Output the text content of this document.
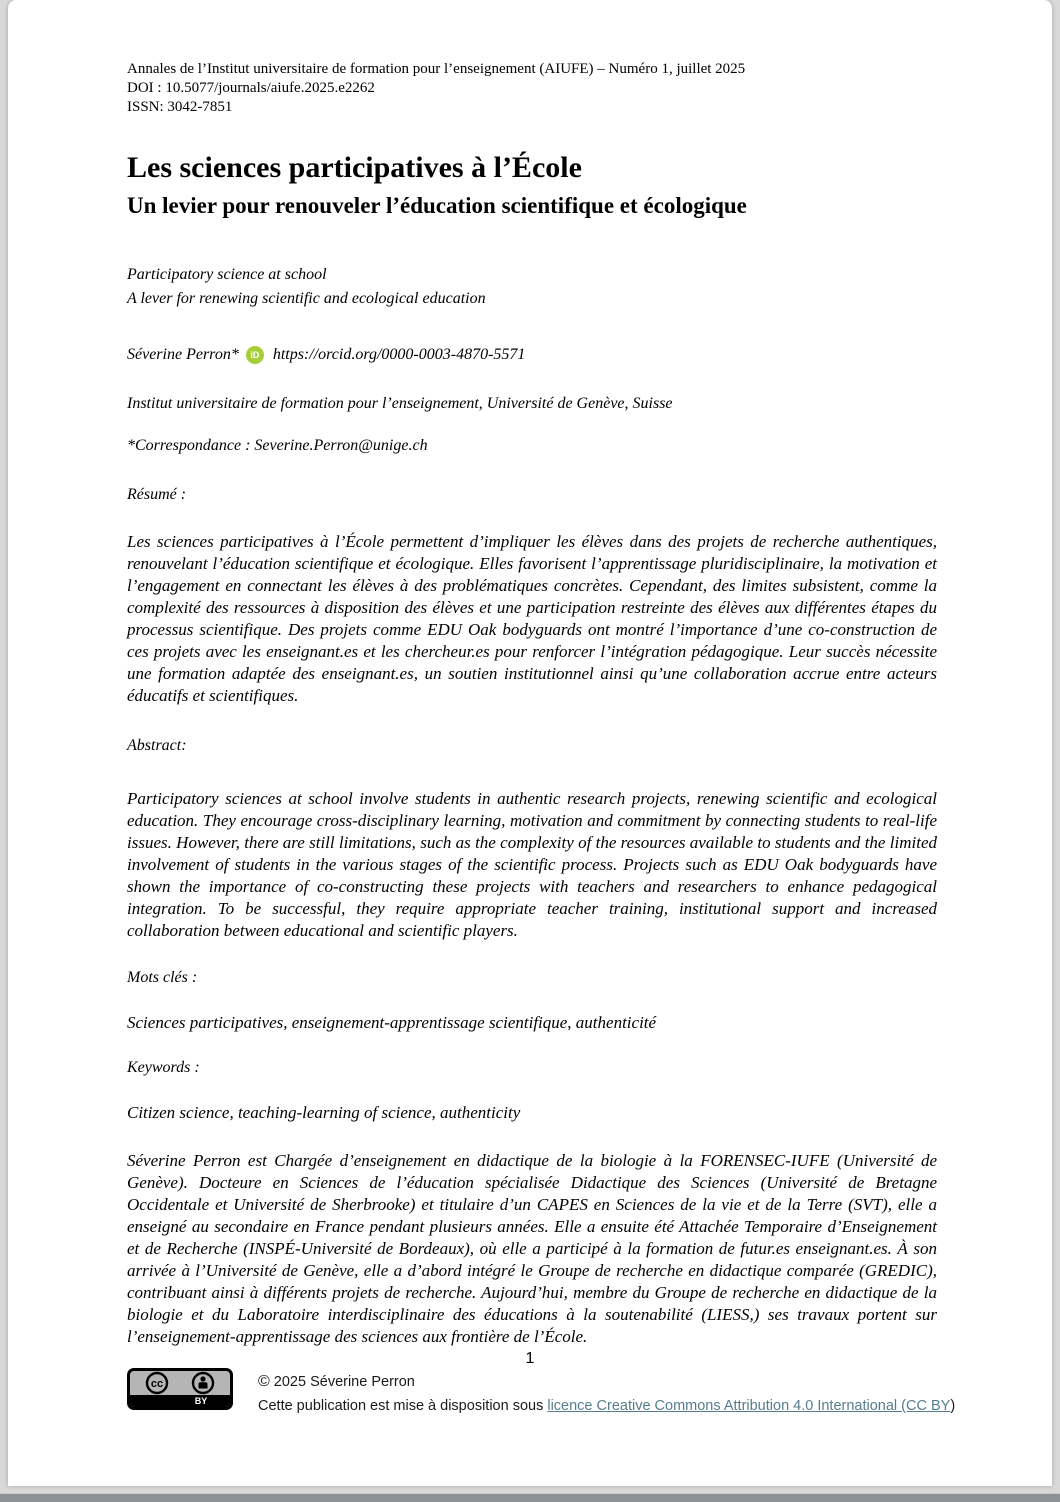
Annales de l’Institut universitaire de formation pour l’enseignement (AIUFE) – Numéro 1, juillet 2025
DOI : 10.5077/journals/aiufe.2025.e2262
ISSN: 3042-7851
Les sciences participatives à l’École
Un levier pour renouveler l’éducation scientifique et écologique
Participatory science at school
A lever for renewing scientific and ecological education
Séverine Perron*	iD https://orcid.org/0000-0003-4870-5571
Institut universitaire de formation pour l’enseignement, Université de Genève, Suisse
*Correspondance : Severine.Perron@unige.ch
Résumé :
Les sciences participatives à l’École permettent d’impliquer les élèves dans des projets de recherche authentiques, renouvelant l’éducation scientifique et écologique. Elles favorisent l’apprentissage pluridisciplinaire, la motivation et l’engagement en connectant les élèves à des problématiques concrètes. Cependant, des limites subsistent, comme la complexité des ressources à disposition des élèves et une participation restreinte des élèves aux différentes étapes du processus scientifique. Des projets comme EDU Oak bodyguards ont montré l’importance d’une co-construction de ces projets avec les enseignant.es et les chercheur.es pour renforcer l’intégration pédagogique. Leur succès nécessite une formation adaptée des enseignant.es, un soutien institutionnel ainsi qu’une collaboration accrue entre acteurs éducatifs et scientifiques.
Abstract:
Participatory sciences at school involve students in authentic research projects, renewing scientific and ecological education. They encourage cross-disciplinary learning, motivation and commitment by connecting students to real-life issues. However, there are still limitations, such as the complexity of the resources available to students and the limited involvement of students in the various stages of the scientific process. Projects such as EDU Oak bodyguards have shown the importance of co-constructing these projects with teachers and researchers to enhance pedagogical integration. To be successful, they require appropriate teacher training, institutional support and increased collaboration between educational and scientific players.
Mots clés :
Sciences participatives, enseignement-apprentissage scientifique, authenticité
Keywords :
Citizen science, teaching-learning of science, authenticity
Séverine Perron est Chargée d’enseignement en didactique de la biologie à la FORENSEC-IUFE (Université de Genève). Docteure en Sciences de l’éducation spécialisée Didactique des Sciences (Université de Bretagne Occidentale et Université de Sherbrooke) et titulaire d’un CAPES en Sciences de la vie et de la Terre (SVT), elle a enseigné au secondaire en France pendant plusieurs années. Elle a ensuite été Attachée Temporaire d’Enseignement et de Recherche (INSPÉ-Université de Bordeaux), où elle a participé à la formation de futur.es enseignant.es. À son arrivée à l’Université de Genève, elle a d’abord intégré le Groupe de recherche en didactique comparée (GREDIC), contribuant ainsi à différents projets de recherche. Aujourd’hui, membre du Groupe de recherche en didactique de la biologie et du Laboratoire interdisciplinaire des éducations à la soutenabilité (LIESS,) ses travaux portent sur l’enseignement-apprentissage des sciences aux frontière de l’École.
1
cc
BY
© 2025 Séverine Perron
Cette publication est mise à disposition sous licence Creative Commons Attribution 4.0 International (CC BY)
